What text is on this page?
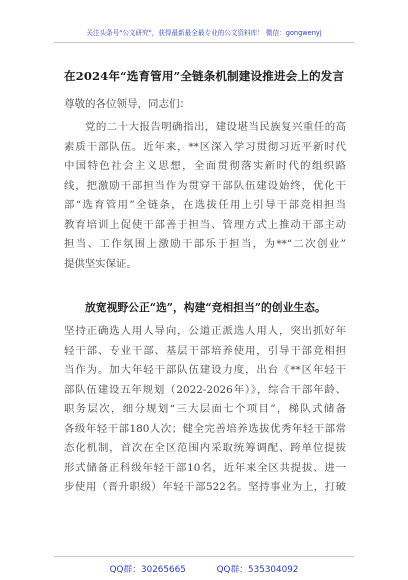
关注头条号"公文研究"，获得最新最全最专业的公文资料库！ 微信：gongwenyj
在2024年“选育管用”全链条机制建设推进会上的发言
尊敬的各位领导，同志们：
党的二十大报告明确指出，建设堪当民族复兴重任的高
素质干部队伍。近年来，**区深入学习贯彻习近平新时代
中国特色社会主义思想，全面贯彻落实新时代的组织路
线，把激励干部担当作为贯穿干部队伍建设始终，优化干
部“选育管用”全链条，在选拔任用上引导干部竞相担当
教育培训上促使干部善于担当、管理方式上推动干部主动
担当、工作氛围上激励干部乐于担当，为**“二次创业”
提供坚实保证。
放宽视野公正“选”，构建“竞相担当”的创业生态。
坚持正确选人用人导向，公道正派选人用人，突出抓好年
轻干部、专业干部、基层干部培养使用，引导干部竞相担
当作为。加大年轻干部队伍建设力度，出台《**区年轻干
部队伍建设五年规划（2022-2026年）》，综合干部年龄、
职务层次，细分规划“三大层面七个项目”，梯队式储备
各级年轻干部180人次；健全完善培养选拔优秀年轻干部常
态化机制，首次在全区范围内采取统筹调配、跨单位提拔
形式储备正科级年轻干部10名，近年来全区共提拔、进一
步使用（晋升职级）年轻干部522名。坚持事业为上，打破
QQ群：30265665	QQ群：535304092
